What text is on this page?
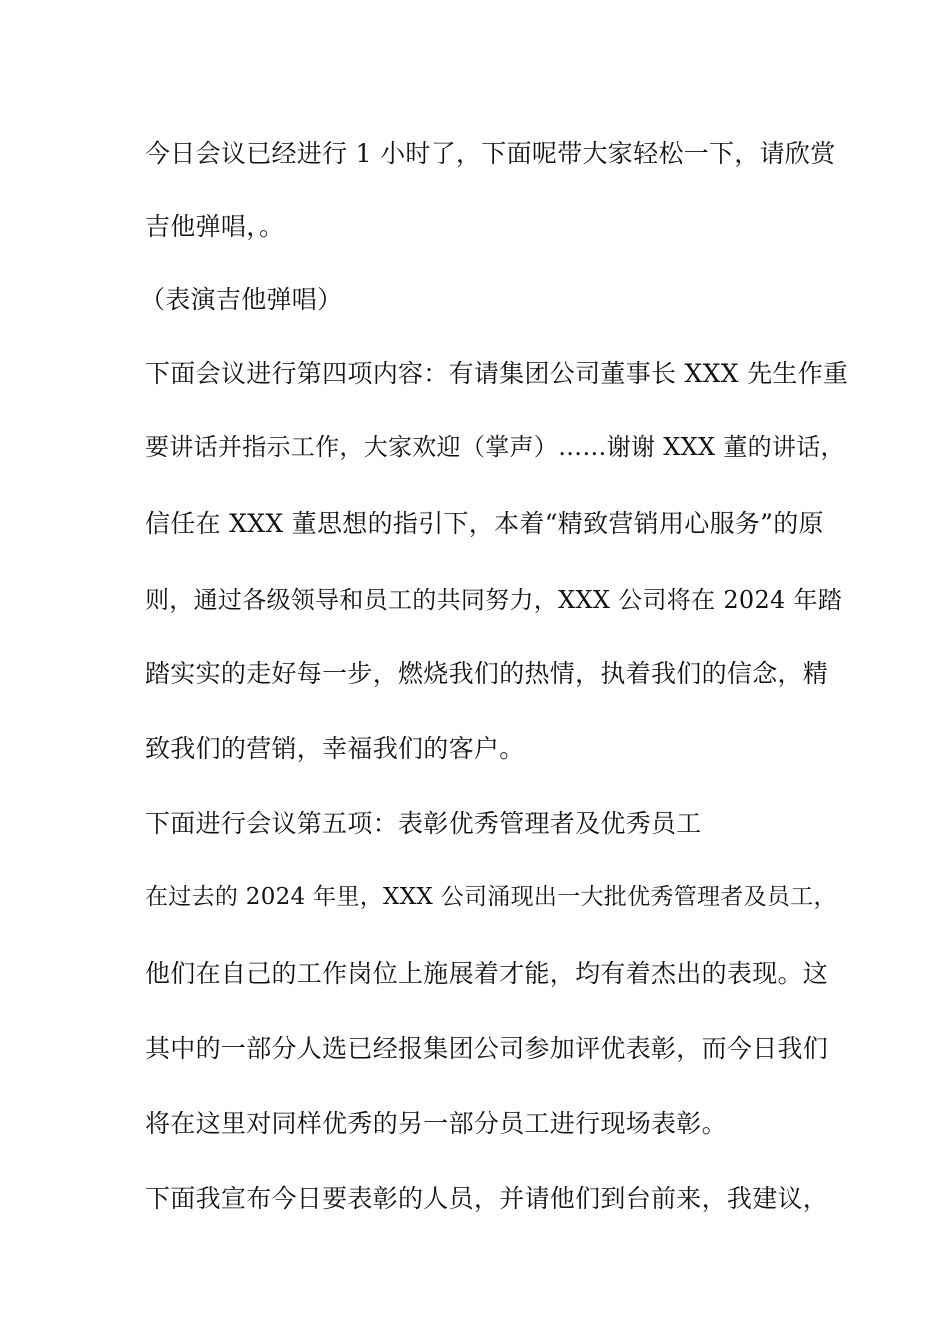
今日会议已经进行 1 小时了，下面呢带大家轻松一下，请欣赏
吉他弹唱，。
（表演吉他弹唱）
下面会议进行第四项内容：有请集团公司董事长 XXX 先生作重
要讲话并指示工作，大家欢迎（掌声）……谢谢 XXX 董的讲话，
信任在 XXX 董思想的指引下，本着“精致营销用心服务”的原
则，通过各级领导和员工的共同努力，XXX 公司将在 2024 年踏
踏实实的走好每一步，燃烧我们的热情，执着我们的信念，精
致我们的营销，幸福我们的客户。
下面进行会议第五项：表彰优秀管理者及优秀员工
在过去的 2024 年里，XXX 公司涌现出一大批优秀管理者及员工，
他们在自己的工作岗位上施展着才能，均有着杰出的表现。这
其中的一部分人选已经报集团公司参加评优表彰，而今日我们
将在这里对同样优秀的另一部分员工进行现场表彰。
下面我宣布今日要表彰的人员，并请他们到台前来，我建议，
